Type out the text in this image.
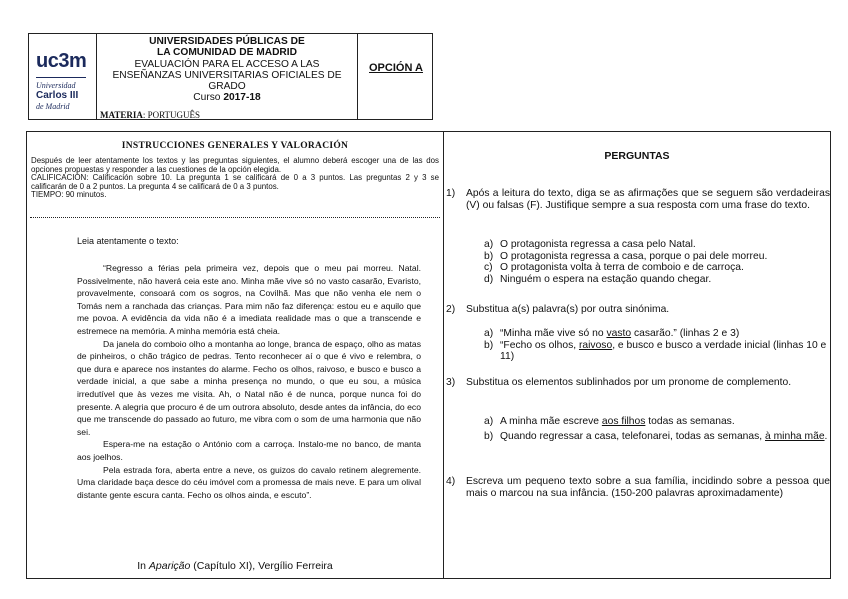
uc3m
Universidad
Carlos III
de Madrid
UNIVERSIDADES PÚBLICAS DE
LA COMUNIDAD DE MADRID
EVALUACIÓN PARA EL ACCESO A LAS
ENSEÑANZAS UNIVERSITARIAS OFICIALES DE
GRADO
Curso 2017-18
MATERIA: PORTUGUÊS
OPCIÓN A
INSTRUCCIONES GENERALES Y VALORACIÓN
Después de leer atentamente los textos y las preguntas siguientes, el alumno deberá escoger una de las dos opciones propuestas y responder a las cuestiones de la opción elegida.
CALIFICACIÓN: Calificación sobre 10. La pregunta 1 se calificará de 0 a 3 puntos. Las preguntas 2 y 3 se calificarán de 0 a 2 puntos. La pregunta 4 se calificará de 0 a 3 puntos.
TIEMPO: 90 minutos.
Leia atentamente o texto:

“Regresso a férias pela primeira vez, depois que o meu pai morreu. Natal. Possivelmente, não haverá ceia este ano. Minha mãe vive só no vasto casarão, Evaristo, provavelmente, consoará com os sogros, na Covilhã. Mas que não venha ele nem o Tomás nem a ranchada das crianças. Para mim não faz diferença: estou eu e aquilo que me povoa. A evidência da vida não é a imediata realidade mas o que a transcende e estremece na memória. A minha memória está cheia.

Da janela do comboio olho a montanha ao longe, branca de espaço, olho as matas de pinheiros, o chão trágico de pedras. Tento reconhecer aí o que é vivo e relembra, o que dura e aparece nos instantes do alarme. Fecho os olhos, raivoso, e busco e busco a verdade inicial, a que sabe a minha presença no mundo, o que eu sou, a música irredutível que às vezes me visita. Ah, o Natal não é de nunca, porque nunca foi do presente. A alegria que procuro é de um outrora absoluto, desde antes da infância, do eco que me transcende do passado ao futuro, me vibra com o som de uma harmonia que não sei.

Espera-me na estação o António com a carroça. Instalo-me no banco, de manta aos joelhos.

Pela estrada fora, aberta entre a neve, os guizos do cavalo retinem alegremente. Uma claridade baça desce do céu imóvel com a promessa de mais neve. E para um olival distante gente escura canta. Fecho os olhos ainda, e escuto”.

In Aparição (Capítulo XI), Vergílio Ferreira
PERGUNTAS
1) Após a leitura do texto, diga se as afirmações que se seguem são verdadeiras (V) ou falsas (F). Justifique sempre a sua resposta com uma frase do texto.
a) O protagonista regressa a casa pelo Natal.
b) O protagonista regressa a casa, porque o pai dele morreu.
c) O protagonista volta à terra de comboio e de carroça.
d) Ninguém o espera na estação quando chegar.
2) Substitua a(s) palavra(s) por outra sinónima.
a) “Minha mãe vive só no vasto casarão.” (linhas 2 e 3)
b) “Fecho os olhos, raivoso, e busco e busco a verdade inicial (linhas 10 e 11)
3) Substitua os elementos sublinhados por um pronome de complemento.
a) A minha mãe escreve aos filhos todas as semanas.
b) Quando regressar a casa, telefonarei, todas as semanas, à minha mãe.
4) Escreva um pequeno texto sobre a sua família, incidindo sobre a pessoa que mais o marcou na sua infância. (150-200 palavras aproximadamente)
